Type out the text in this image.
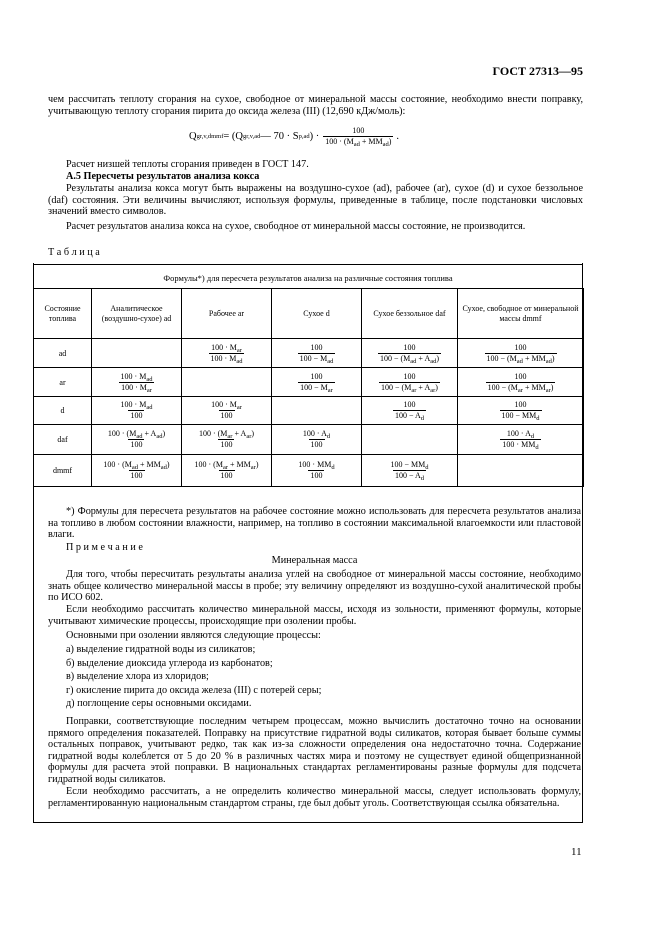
ГОСТ 27313—95
чем рассчитать теплоту сгорания на сухое, свободное от минеральной массы состояние, необходимо внести поправку, учитывающую теплоту сгорания пирита до оксида железа (III) (12,690 кДж/моль):
Q gr,v,dmmf = (Q gr,v,ad — 70 · S p,ad ) · $\frac{100}{100 \cdot (M_{ad} + MM_{ad})}$ .
Расчет низшей теплоты сгорания приведен в ГОСТ 147.
А.5 Пересчеты результатов анализа кокса
Результаты анализа кокса могут быть выражены на воздушно-сухое (ad), рабочее (ar), сухое (d) и сухое беззольное (daf) состояния. Эти величины вычисляют, используя формулы, приведенные в таблице, после подстановки числовых значений вместо символов.
Расчет результатов анализа кокса на сухое, свободное от минеральной массы состояние, не производится.
Т а б л и ц а
Формулы*) для пересчета результатов анализа на различные состояния топлива
Состояние топлива	Аналитическое (воздушно-сухое) ad	Рабочее ar	Сухое d	Сухое беззольное daf	Сухое, свободное от минеральной массы dmmf
ad		$\frac{100 \cdot M_{ar}}{100 \cdot M_{ad}}$	$\frac{100}{100 - M_{ad}}$	$\frac{100}{100 - (M_{ad} + A_{ad})}$	$\frac{100}{100 - (M_{ad} + MM_{ad})}$

ar	$\frac{100 \cdot M_{ad}}{100 \cdot M_{ar}}$		$\frac{100}{100 - M_{ar}}$	$\frac{100}{100 - (M_{ar} + A_{ar})}$	$\frac{100}{100 - (M_{ar} + MM_{ar})}$

d	$\frac{100 \cdot M_{ad}}{100}$	$\frac{100 \cdot M_{ar}}{100}$		$\frac{100}{100 - A_d}$	$\frac{100}{100 - MM_d}$

daf	$\frac{100 \cdot (M_{ad} + A_{ad})}{100}$	$\frac{100 \cdot (M_{ar} + A_{ar})}{100}$	$\frac{100 \cdot A_d}{100}$		$\frac{100 \cdot A_d}{100 \cdot MM_d}$

dmmf	$\frac{100 \cdot (M_{ad} + MM_{ad})}{100}$	$\frac{100 \cdot (M_{ar} + MM_{ar})}{100}$	$\frac{100 \cdot MM_d}{100}$	$\frac{100 - MM_d}{100 - A_d}$

*) Формулы для пересчета результатов на рабочее состояние можно использовать для пересчета результатов анализа на топливо в любом состоянии влажности, например, на топливо в состоянии максимальной влагоемкости или пластовой влаги.
П р и м е ч а н и е
Минеральная масса
Для того, чтобы пересчитать результаты анализа углей на свободное от минеральной массы состояние, необходимо знать общее количество минеральной массы в пробе; эту величину определяют из воздушно-сухой аналитической пробы по ИСО 602.
Если необходимо рассчитать количество минеральной массы, исходя из зольности, применяют формулы, которые учитывают химические процессы, происходящие при озолении пробы.
Основными при озолении являются следующие процессы:
а) выделение гидратной воды из силикатов;
б) выделение диоксида углерода из карбонатов;
в) выделение хлора из хлоридов;
г) окисление пирита до оксида железа (III) с потерей серы;
д) поглощение серы основными оксидами.
Поправки, соответствующие последним четырем процессам, можно вычислить достаточно точно на основании прямого определения показателей. Поправку на присутствие гидратной воды силикатов, которая бывает больше суммы остальных поправок, учитывают редко, так как из-за сложности определения она недостаточно точна. Содержание гидратной воды колеблется от 5 до 20 % в различных частях мира и поэтому не существует единой общепризнанной формулы для расчета этой поправки. В национальных стандартах регламентированы разные формулы для подсчета гидратной воды силикатов.
Если необходимо рассчитать, а не определить количество минеральной массы, следует использовать формулу, регламентированную национальным стандартом страны, где был добыт уголь. Соответствующая ссылка обязательна.
11
